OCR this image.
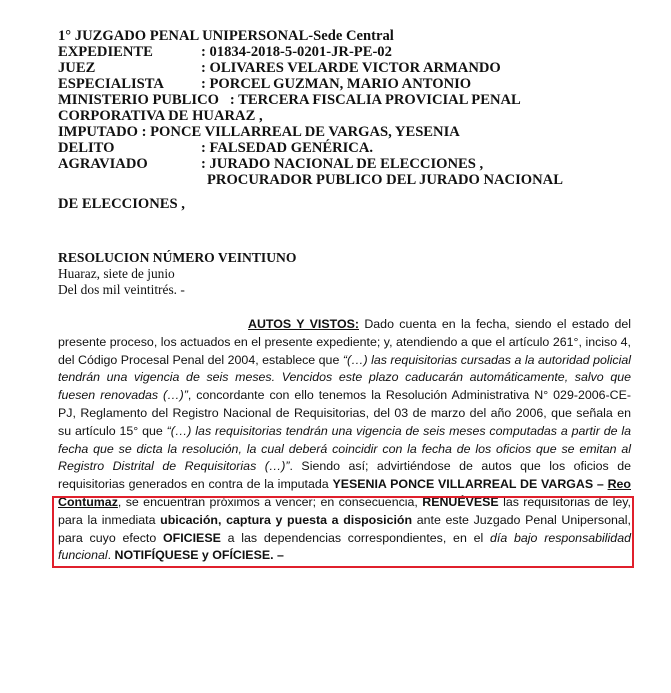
1° JUZGADO PENAL UNIPERSONAL-Sede Central
EXPEDIENTE	: 01834-2018-5-0201-JR-PE-02
JUEZ	: OLIVARES VELARDE VICTOR ARMANDO
ESPECIALISTA	: PORCEL GUZMAN, MARIO ANTONIO
MINISTERIO PUBLICO   : TERCERA FISCALIA PROVICIAL PENAL
CORPORATIVA DE HUARAZ ,
IMPUTADO : PONCE VILLARREAL DE VARGAS, YESENIA
DELITO	: FALSEDAD GENÉRICA.
AGRAVIADO	: JURADO NACIONAL DE ELECCIONES ,
PROCURADOR PUBLICO DEL JURADO NACIONAL
DE ELECCIONES ,
RESOLUCION NÚMERO VEINTIUNO
Huaraz, siete de junio
Del dos mil veintitrés. -

AUTOS Y VISTOS: Dado cuenta en la fecha, siendo el estado del presente proceso, los actuados en el presente expediente; y, atendiendo a que el artículo 261°, inciso 4, del Código Procesal Penal del 2004, establece que “(…) las requisitorias cursadas a la autoridad policial tendrán una vigencia de seis meses. Vencidos este plazo caducarán automáticamente, salvo que fuesen renovadas (…)”, concordante con ello tenemos la Resolución Administrativa N° 029-2006-CE-PJ, Reglamento del Registro Nacional de Requisitorias, del 03 de marzo del año 2006, que señala en su artículo 15° que “(…) las requisitorias tendrán una vigencia de seis meses computadas a partir de la fecha que se dicta la resolución, la cual deberá coincidir con la fecha de los oficios que se emitan al Registro Distrital de Requisitorias (…)”. Siendo así; advirtiéndose de autos que los oficios de requisitorias generados en contra de la imputada YESENIA PONCE VILLARREAL DE VARGAS – Reo Contumaz, se encuentran próximos a vencer; en consecuencia, RENUÉVESE las requisitorias de ley, para la inmediata ubicación, captura y puesta a disposición ante este Juzgado Penal Unipersonal, para cuyo efecto OFICIESE a las dependencias correspondientes, en el día bajo responsabilidad funcional. NOTIFÍQUESE y OFÍCIESE. –
